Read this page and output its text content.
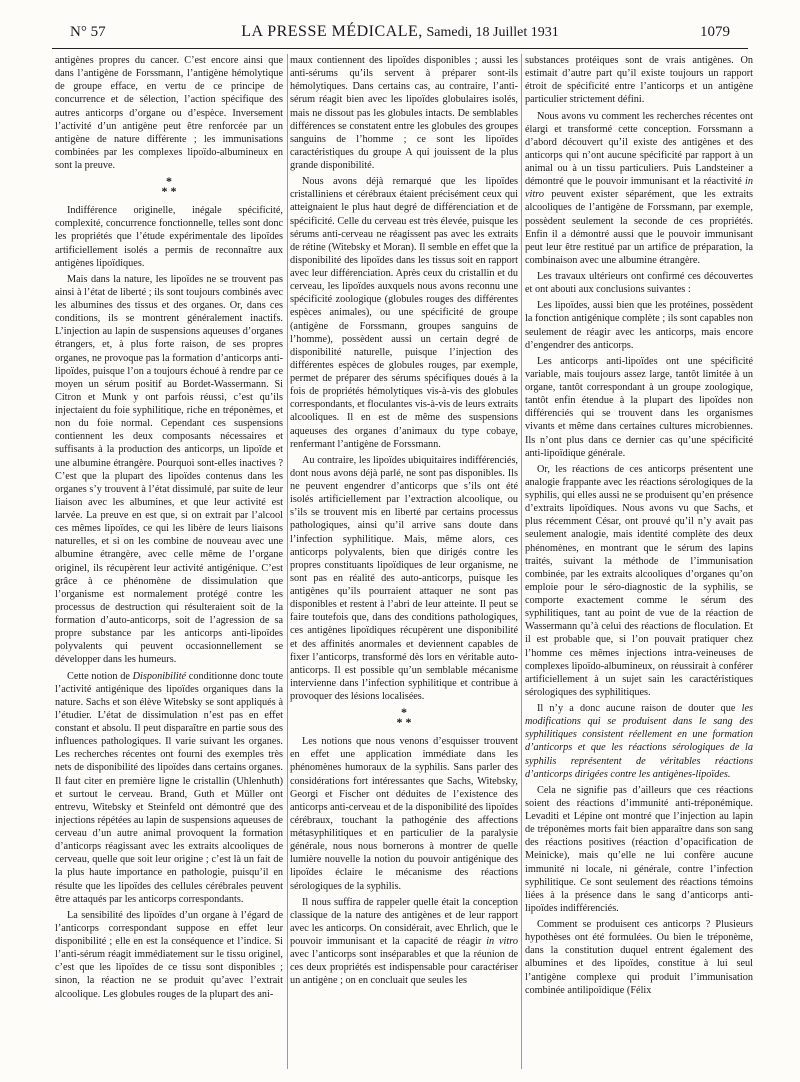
N° 57	LA PRESSE MÉDICALE, Samedi, 18 Juillet 1931	1079

antigènes propres du cancer. C’est encore ainsi que dans l’antigène de Forssmann, l’antigène hémolytique de groupe efface, en vertu de ce principe de concurrence et de sélection, l’action spécifique des autres anticorps d’organe ou d’espèce. Inversement l’activité d’un antigène peut être renforcée par un antigène de nature différente ; les immunisations combinées par les complexes lipoïdo-albumineux en sont la preuve.

*
* *

Indifférence originelle, inégale spécificité, complexité, concurrence fonctionnelle, telles sont donc les propriétés que l’étude expérimentale des lipoïdes artificiellement isolés a permis de reconnaître aux antigènes lipoïdiques.

Mais dans la nature, les lipoïdes ne se trouvent pas ainsi à l’état de liberté ; ils sont toujours combinés avec les albumines des tissus et des organes. Or, dans ces conditions, ils se montrent généralement inactifs. L’injection au lapin de suspensions aqueuses d’organes étrangers, et, à plus forte raison, de ses propres organes, ne provoque pas la formation d’anticorps anti-lipoïdes, puisque l’on a toujours échoué à rendre par ce moyen un sérum positif au Bordet-Wassermann. Si Citron et Munk y ont parfois réussi, c’est qu’ils injectaient du foie syphilitique, riche en tréponèmes, et non du foie normal. Cependant ces suspensions contiennent les deux composants nécessaires et suffisants à la production des anticorps, un lipoïde et une albumine étrangère. Pourquoi sont-elles inactives ? C’est que la plupart des lipoïdes contenus dans les organes s’y trouvent à l’état dissimulé, par suite de leur liaison avec les albumines, et que leur activité est larvée. La preuve en est que, si on extrait par l’alcool ces mêmes lipoïdes, ce qui les libère de leurs liaisons naturelles, et si on les combine de nouveau avec une albumine étrangère, avec celle même de l’organe originel, ils récupèrent leur activité antigénique. C’est grâce à ce phénomène de dissimulation que l’organisme est normalement protégé contre les processus de destruction qui résulteraient soit de la formation d’auto-anticorps, soit de l’agression de sa propre substance par les anticorps anti-lipoïdes polyvalents qui peuvent occasionnellement se développer dans les humeurs.

Cette notion de Disponibilité conditionne donc toute l’activité antigénique des lipoïdes organiques dans la nature. Sachs et son élève Witebsky se sont appliqués à l’étudier. L’état de dissimulation n’est pas en effet constant et absolu. Il peut disparaître en partie sous des influences pathologiques. Il varie suivant les organes. Les recherches récentes ont fourni des exemples très nets de disponibilité des lipoïdes dans certains organes. Il faut citer en première ligne le cristallin (Uhlenhuth) et surtout le cerveau. Brand, Guth et Müller ont entrevu, Witebsky et Steinfeld ont démontré que des injections répétées au lapin de suspensions aqueuses de cerveau d’un autre animal provoquent la formation d’anticorps réagissant avec les extraits alcooliques de cerveau, quelle que soit leur origine ; c’est là un fait de la plus haute importance en pathologie, puisqu’il en résulte que les lipoïdes des cellules cérébrales peuvent être attaqués par les anticorps correspondants.

La sensibilité des lipoïdes d’un organe à l’égard de l’anticorps correspondant suppose en effet leur disponibilité ; elle en est la conséquence et l’indice. Si l’anti-sérum réagit immédiatement sur le tissu originel, c’est que les lipoïdes de ce tissu sont disponibles ; sinon, la réaction ne se produit qu’avec l’extrait alcoolique. Les globules rouges de la plupart des ani-

maux contiennent des lipoïdes disponibles ; aussi les anti-sérums qu’ils servent à préparer sont-ils hémolytiques. Dans certains cas, au contraire, l’anti-sérum réagit bien avec les lipoïdes globulaires isolés, mais ne dissout pas les globules intacts. De semblables différences se constatent entre les globules des groupes sanguins de l’homme ; ce sont les lipoïdes caractéristiques du groupe A qui jouissent de la plus grande disponibilité.

Nous avons déjà remarqué que les lipoïdes cristalliniens et cérébraux étaient précisément ceux qui atteignaient le plus haut degré de différenciation et de spécificité. Celle du cerveau est très élevée, puisque les sérums anti-cerveau ne réagissent pas avec les extraits de rétine (Witebsky et Moran). Il semble en effet que la disponibilité des lipoïdes dans les tissus soit en rapport avec leur différenciation. Après ceux du cristallin et du cerveau, les lipoïdes auxquels nous avons reconnu une spécificité zoologique (globules rouges des différentes espèces animales), ou une spécificité de groupe (antigène de Forssmann, groupes sanguins de l’homme), possèdent aussi un certain degré de disponibilité naturelle, puisque l’injection des différentes espèces de globules rouges, par exemple, permet de préparer des sérums spécifiques doués à la fois de propriétés hémolytiques vis-à-vis des globules correspondants, et floculantes vis-à-vis de leurs extraits alcooliques. Il en est de même des suspensions aqueuses des organes d’animaux du type cobaye, renfermant l’antigène de Forssmann.

Au contraire, les lipoïdes ubiquitaires indifférenciés, dont nous avons déjà parlé, ne sont pas disponibles. Ils ne peuvent engendrer d’anticorps que s’ils ont été isolés artificiellement par l’extraction alcoolique, ou s’ils se trouvent mis en liberté par certains processus pathologiques, ainsi qu’il arrive sans doute dans l’infection syphilitique. Mais, même alors, ces anticorps polyvalents, bien que dirigés contre les propres constituants lipoïdiques de leur organisme, ne sont pas en réalité des auto-anticorps, puisque les antigènes qu’ils pourraient attaquer ne sont pas disponibles et restent à l’abri de leur atteinte. Il peut se faire toutefois que, dans des conditions pathologiques, ces antigènes lipoïdiques récupèrent une disponibilité et des affinités anormales et deviennent capables de fixer l’anticorps, transformé dès lors en véritable auto-anticorps. Il est possible qu’un semblable mécanisme intervienne dans l’infection syphilitique et contribue à provoquer des lésions localisées.

*
* *

Les notions que nous venons d’esquisser trouvent en effet une application immédiate dans les phénomènes humoraux de la syphilis. Sans parler des considérations fort intéressantes que Sachs, Witebsky, Georgi et Fischer ont déduites de l’existence des anticorps anti-cerveau et de la disponibilité des lipoïdes cérébraux, touchant la pathogénie des affections métasyphilitiques et en particulier de la paralysie générale, nous nous bornerons à montrer de quelle lumière nouvelle la notion du pouvoir antigénique des lipoïdes éclaire le mécanisme des réactions sérologiques de la syphilis.

Il nous suffira de rappeler quelle était la conception classique de la nature des antigènes et de leur rapport avec les anticorps. On considérait, avec Ehrlich, que le pouvoir immunisant et la capacité de réagir in vitro avec l’anticorps sont inséparables et que la réunion de ces deux propriétés est indispensable pour caractériser un antigène ; on en concluait que seules les

substances protéiques sont de vrais antigènes. On estimait d’autre part qu’il existe toujours un rapport étroit de spécificité entre l’anticorps et un antigène particulier strictement défini.

Nous avons vu comment les recherches récentes ont élargi et transformé cette conception. Forssmann a d’abord découvert qu’il existe des antigènes et des anticorps qui n’ont aucune spécificité par rapport à un animal ou à un tissu particuliers. Puis Landsteiner a démontré que le pouvoir immunisant et la réactivité in vitro peuvent exister séparément, que les extraits alcooliques de l’antigène de Forssmann, par exemple, possèdent seulement la seconde de ces propriétés. Enfin il a démontré aussi que le pouvoir immunisant peut leur être restitué par un artifice de préparation, la combinaison avec une albumine étrangère.

Les travaux ultérieurs ont confirmé ces découvertes et ont abouti aux conclusions suivantes :

Les lipoïdes, aussi bien que les protéines, possèdent la fonction antigénique complète ; ils sont capables non seulement de réagir avec les anticorps, mais encore d’engendrer des anticorps.

Les anticorps anti-lipoïdes ont une spécificité variable, mais toujours assez large, tantôt limitée à un organe, tantôt correspondant à un groupe zoologique, tantôt enfin étendue à la plupart des lipoïdes non différenciés qui se trouvent dans les organismes vivants et même dans certaines cultures microbiennes. Ils n’ont plus dans ce dernier cas qu’une spécificité anti-lipoïdique générale.

Or, les réactions de ces anticorps présentent une analogie frappante avec les réactions sérologiques de la syphilis, qui elles aussi ne se produisent qu’en présence d’extraits lipoïdiques. Nous avons vu que Sachs, et plus récemment César, ont prouvé qu’il n’y avait pas seulement analogie, mais identité complète des deux phénomènes, en montrant que le sérum des lapins traités, suivant la méthode de l’immunisation combinée, par les extraits alcooliques d’organes qu’on emploie pour le séro-diagnostic de la syphilis, se comporte exactement comme le sérum des syphilitiques, tant au point de vue de la réaction de Wassermann qu’à celui des réactions de floculation. Et il est probable que, si l’on pouvait pratiquer chez l’homme ces mêmes injections intra-veineuses de complexes lipoïdo-albumineux, on réussirait à conférer artificiellement à un sujet sain les caractéristiques sérologiques des syphilitiques.

Il n’y a donc aucune raison de douter que les modifications qui se produisent dans le sang des syphilitiques consistent réellement en une formation d’anticorps et que les réactions sérologiques de la syphilis représentent de véritables réactions d’anticorps dirigées contre les antigènes-lipoïdes.

Cela ne signifie pas d’ailleurs que ces réactions soient des réactions d’immunité anti-tréponémique. Levaditi et Lépine ont montré que l’injection au lapin de tréponèmes morts fait bien apparaître dans son sang des réactions positives (réaction d’opacification de Meinicke), mais qu’elle ne lui confère aucune immunité ni locale, ni générale, contre l’infection syphilitique. Ce sont seulement des réactions témoins liées à la présence dans le sang d’anticorps anti-lipoïdes indifférenciés.

Comment se produisent ces anticorps ? Plusieurs hypothèses ont été formulées. Ou bien le tréponème, dans la constitution duquel entrent également des albumines et des lipoïdes, constitue à lui seul l’antigène complexe qui produit l’immunisation combinée antilipoïdique (Félix
